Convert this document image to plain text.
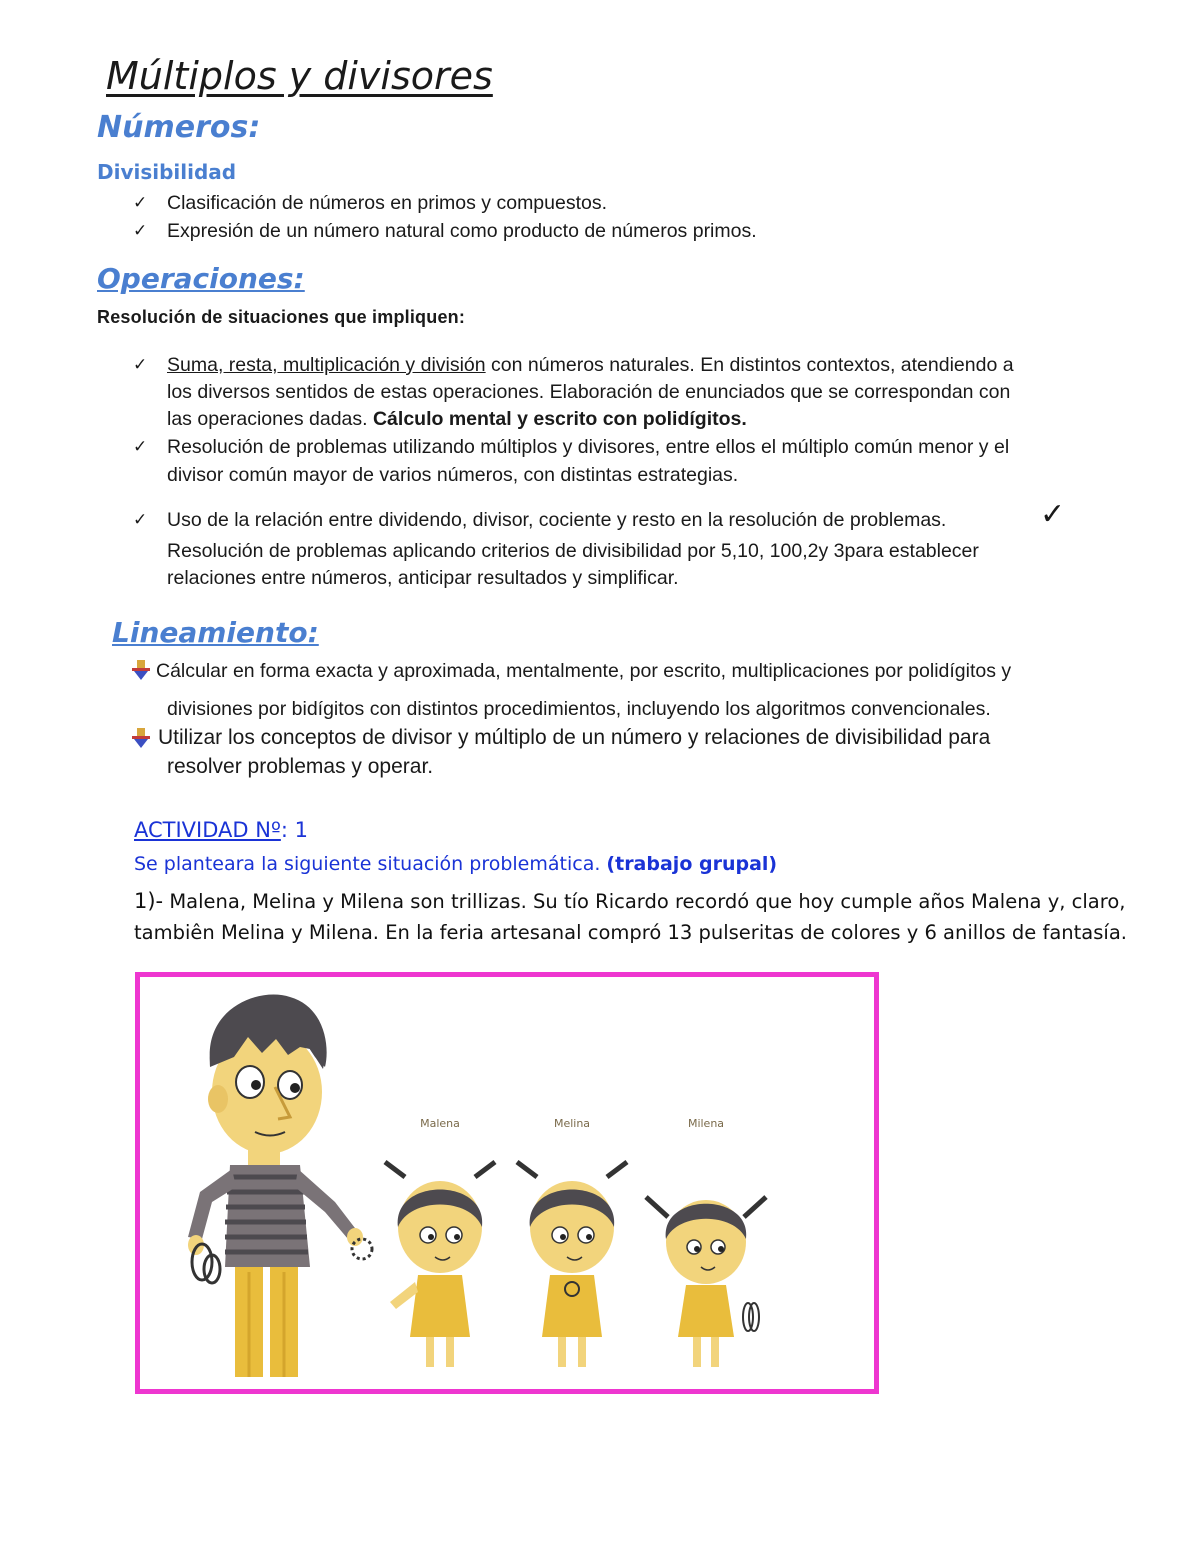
Múltiplos y divisores
Números:
Divisibilidad
✓ Clasificación de números en primos y compuestos.
✓ Expresión de un número natural como producto de números primos.
Operaciones:
Resolución de situaciones que impliquen:
✓ Suma, resta, multiplicación y división con números naturales. En distintos contextos, atendiendo a
los diversos sentidos de estas operaciones. Elaboración de enunciados que se correspondan con
las operaciones dadas. Cálculo mental y escrito con polidígitos.
✓ Resolución de problemas utilizando múltiplos y divisores, entre ellos el múltiplo común menor y el
divisor común mayor de varios números, con distintas estrategias.
✓ Uso de la relación entre dividendo, divisor, cociente y resto en la resolución de problemas.	✓
Resolución de problemas aplicando criterios de divisibilidad por 5,10, 100,2y 3para establecer
relaciones entre números, anticipar resultados y simplificar.
Lineamiento:
Cálcular en forma exacta y aproximada, mentalmente, por escrito, multiplicaciones por polidígitos y
divisiones por bidígitos con distintos procedimientos, incluyendo los algoritmos convencionales.
Utilizar los conceptos de divisor y múltiplo de un número y relaciones de divisibilidad para
resolver problemas y operar.
ACTIVIDAD Nº: 1
Se planteara la siguiente situación problemática. (trabajo grupal)
1)- Malena, Melina y Milena son trillizas. Su tío Ricardo recordó que hoy cumple años Malena y, claro,
tambiên Melina y Milena. En la feria artesanal compró 13 pulseritas de colores y 6 anillos de fantasía.
Malena	Melina	Milena
